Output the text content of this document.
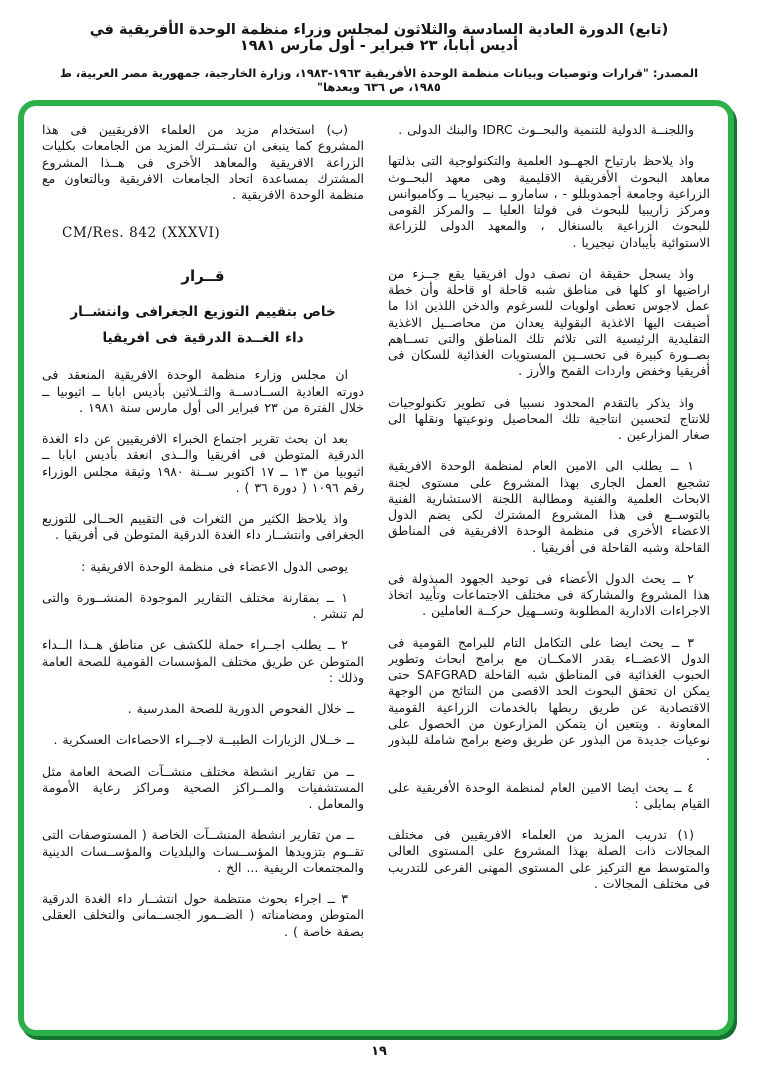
(تابع) الدورة العادية السادسة والثلاثون لمجلس وزراء منظمة الوحدة الأفريقية في أديس أبابا، ٢٣ فبراير - أول مارس ١٩٨١
المصدر: "قرارات وتوصيات وبيانات منظمة الوحدة الأفريقية ١٩٦٣-١٩٨٣، وزارة الخارجية، جمهورية مصر العربية، ط ١٩٨٥، ص ٦٣٦ وبعدها"

واللجنــة الدولية للتنمية والبحــوث IDRC والبنك الدولى .

واذ يلاحظ بارتياح الجهــود العلمية والتكنولوجية التى بذلتها معاهد البحوث الأفريقية الاقليمية وهى معهد البحــوث الزراعية وجامعة أجمدوبللو - ، سامارو ــ نيجيريا ــ وكامبوانس ومركز زاريبيا للبحوث فى فولتا العليا ــ والمركز القومى للبحوث الزراعية بالسنغال ، والمعهد الدولى للزراعة الاستوائية بأيبادان نيجيريا .

واذ يسجل حقيقة ان نصف دول افريقيا يقع جــزء من اراضيها او كلها فى مناطق شبه قاحلة او قاحلة وأن خطة عمل لاجوس تعطى اولويات للسرغوم والدخن اللذين اذا ما أضيفت اليها الاغذية البقولية يعدان من محاصــيل الاغذية التقليدية الرئيسية التى تلائم تلك المناطق والتى تســاهم بصــورة كبيرة فى تحســين المستويات الغذائية للسكان فى أفريقيا وخفض واردات القمح والأرز .

واذ يذكر بالتقدم المحدود نسبيا فى تطوير تكنولوجيات للانتاج لتحسين انتاجية تلك المحاصيل ونوعيتها ونقلها الى صغار المزارعين .

١ ــ يطلب الى الامين العام لمنظمة الوحدة الافريقية تشجيع العمل الجارى بهذا المشروع على مستوى لجنة الابحاث العلمية والفنية ومطالبة اللجنة الاستشارية الفنية بالتوســع فى هذا المشروع المشترك لكى يضم الدول الاعضاء الأخرى فى منظمة الوحدة الافريقية فى المناطق القاحلة وشبه القاحلة فى أفريقيا .

٢ ــ يحث الدول الأعضاء فى توحيد الجهود المبذولة فى هذا المشروع والمشاركة فى مختلف الاجتماعات وتأييد اتخاذ الاجراءات الادارية المطلوبة وتســهيل حركــة العاملين .

٣ ــ يحث ايضا على التكامل التام للبرامج القومية فى الدول الاعضــاء بقدر الامكــان مع برامج ابحاث وتطوير الحبوب الغذائية فى المناطق شبه القاحلة SAFGRAD حتى يمكن ان تحقق البحوث الحد الاقصى من النتائج من الوجهة الاقتصادية عن طريق ربطها بالخدمات الزراعية القومية المعاونة . ويتعين ان يتمكن المزارعون من الحصول على نوعيات جديدة من البذور عن طريق وضع برامج شاملة للبذور .

٤ ــ يحث ايضا الامين العام لمنظمة الوحدة الأفريقية على القيام بمايلى :

(١) تدريب المزيد من العلماء الافريقيين فى مختلف المجالات ذات الصلة بهذا المشروع على المستوى العالى والمتوسط مع التركيز على المستوى المهنى الفرعى للتدريب فى مختلف المجالات .

(ب) استخدام مزيد من العلماء الافريقيين فى هذا المشروع كما ينبغى ان تشــترك المزيد من الجامعات بكليات الزراعة الافريقية والمعاهد الأخرى فى هــذا المشروع المشترك بمساعدة اتحاد الجامعات الافريقية وبالتعاون مع منظمة الوحدة الافريقية .

CM/Res. 842 (XXXVI)

قــرار

خاص بتقييم التوزيع الجغرافى وانتشــار

داء الغــدة الدرقية فى افريقيا

ان مجلس وزارء منظمة الوحدة الافريقية المنعقد فى دورته العادية الســادســة والثــلاثين بأديس ابابا ــ اثيوبيا ــ خلال الفترة من ٢٣ فبراير الى أول مارس سنة ١٩٨١ .

بعد ان بحث تقرير اجتماع الخبراء الافريقيين عن داء الغدة الدرقية المتوطن فى افريقيا والــذى انعقد بأديس ابابا ــ اثيوبيا من ١٣ ــ ١٧ اكتوبر ســنة ١٩٨٠ وثيقة مجلس الوزراء رقم ١٠٩٦ ( دورة ٣٦ ) .

واذ يلاحظ الكثير من الثغرات فى التقييم الحــالى للتوزيع الجغرافى وانتشــار داء الغدة الدرقية المتوطن فى أفريقيا .

يوصى الدول الاعضاء فى منظمة الوحدة الافريقية :

١ ــ بمقارنة مختلف التقارير الموجودة المنشــورة والتى لم تنشر .

٢ ــ يطلب اجــراء حملة للكشف عن مناطق هــذا الــداء المتوطن عن طريق مختلف المؤسسات القومية للصحة العامة وذلك :

ــ خلال الفحوص الدورية للصحة المدرسية .

ــ خــلال الزيارات الطبيــة لاجــراء الاحصاءات العسكرية .

ــ من تقارير انشطة مختلف منشــآت الصحة العامة مثل المستشفيات والمــراكز الصحية ومراكز رعاية الأمومة والمعامل .

ــ من تقارير انشطة المنشــآت الخاصة ( المستوصفات التى تقــوم بتزويدها المؤســسات والبلديات والمؤســسات الدينية والمجتمعات الريفية ... الخ .

٣ ــ اجراء بحوث منتظمة حول انتشــار داء الغدة الدرقية المتوطن ومضامناته ( الضــمور الجســمانى والتخلف العقلى بصفة خاصة ) .

١٩
